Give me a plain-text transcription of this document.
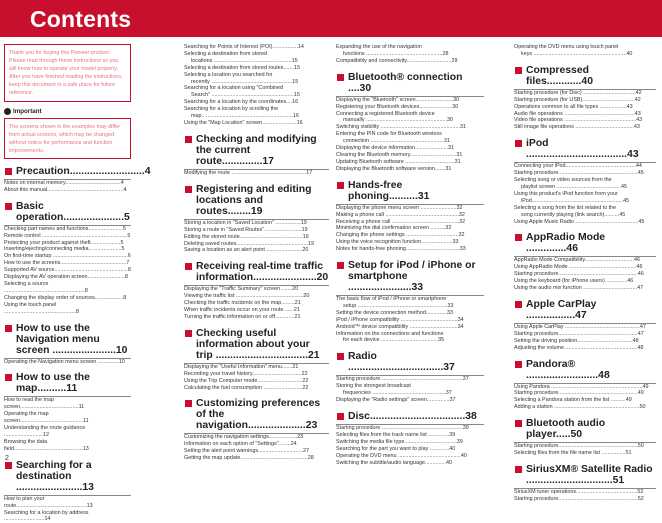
Contents
Thank you for buying this Pioneer product. Please read through these instructions so you will know how to operate your model properly. After you have finished reading the instructions, keep this document in a safe place for future reference.
Important
The screens shown in the examples may differ from actual screens, which may be changed without notice for performance and function improvements.
Precaution..........................4
Notes on internal memory.....................................4
About this manual...................................................4
Basic operation.....................5
Checking part names and functions.......................5
Remote control .........................................................5
Protecting your product against theft....................5
Inserting/ejecting/connecting media......................5
On first-time startup ..................................................6
How to use the screens............................................7
Supported AV source.................................................8
Displaying the AV operation screen.........................8
Selecting a source ......................................................8
Changing the display order of sources...................8
Using the touch panel ................................................8
How to use the Navigation menu screen ......................10
Operating the Navigation menu screen ..............10
How to use the map..........11
How to read the map screen.......................................11
Operating the map screen..........................................11
Understanding the route guidance ..........................12
Browsing the data field..............................................13
Searching for a destination .......................13
How to plan your route...............................................13
Searching for a location by address ...........................14
Searching for Points of Interest (POI).................14
Selecting a destination from stored
locations ....................................................15
Selecting a destination from stored routes.......15
Selecting a location you searched for
recently ......................................................15
Searching for a location using "Combined
Search" .......................................................15
Searching for a location by the coordinates....16
Searching for a location by scrolling the
map.............................................................16
Using the "Map Location" screen.......................16
Checking and modifying the current route..............17
Modifying the route ..................................................17
Registering and editing locations and routes........19
Storing a location in "Saved Location" .................19
Storing a route in "Saved Routes".........................19
Editing the stored route..........................................19
Deleting saved routes................................................19
Saving a location as an alert point ........................20
Receiving real-time traffic information......................20
Displaying the "Traffic Summary" screen .......20
Viewing the traffic list .............................................20
Checking the traffic incidents on the map.........21
When traffic incidents occur on your route ......21
Turning the traffic information on or off.............21
Checking useful information about your trip ................................21
Displaying the "Useful Information" menu.......21
Recording your travel history.................................22
Using the Trip Computer mode..............................22
Calculating the fuel consumption ..........................22
Customizing preferences of the navigation....................23
Customizing the navigation settings...................23
Information on each option of "Settings"........24
Setting the alert point warnings..............................27
Getting the map update.............................................28
Expanding the use of the navigation
functions ...................................................28
Compatibility and connectivity..............................29
Bluetooth® connection ....30
Displaying the "Bluetooth" screen.........................30
Registering your Bluetooth devices......................30
Connecting a registered Bluetooth device
manually ......................................................30
Switching visibility .....................................................31
Entering the PIN code for Bluetooth wireless
connection .................................................31
Displaying the device information......................31
Clearing the Bluetooth memory...............................31
Updating Bluetooth software .................................31
Displaying the Bluetooth software version.......31
Hands-free phoning..........31
Displaying the phone menu screen ........................32
Making a phone call .................................................32
Receiving a phone call .............................................32
Minimizing the dial confirmation screen ..........32
Changing the phone settings ...................................32
Using the voice recognition function.....................33
Notes for hands-free phoning....................................33
Setup for iPod / iPhone or smartphone ......................33
The basic flow of iPod / iPhone or smartphone
setup ............................................................33
Setting the device connection method..............33
iPod / iPhone compatibility ......................................34
Android™ device compatibility ................................34
Information on the connections and functions
for each device ......................................35
Radio .................................37
Starting procedure ......................................................37
Storing the strongest broadcast
frequencies .................................................37
Displaying the "Radio settings" screen...............37
Disc.................................38
Starting procedure ......................................................39
Selecting files from the track name list ..............39
Switching the media file type...................................39
Searching for the part you want to play .............40
Operating the DVD menu ..........................................40
Switching the subtitle/audio language..............40
Operating the DVD menu using touch panel
keys ..............................................................40
Compressed files............40
Starting procedure (for Disc) ...................................42
Starting procedure (for USB)...................................42
Operations common to all file types ..................43
Audio file operations ...............................................43
Video file operations ................................................43
Still image file operations .......................................43
iPod ...................................43
Connecting your iPod...............................................44
Starting procedure.....................................................45
Selecting song or video sources from the
playlist screen ...........................................45
Using this product's iPod function from your
iPod.............................................................45
Selecting a song from the list related to the
song currently playing (link search)..........45
Using Apple Music Radio ..........................................45
AppRadio Mode ..............46
AppRadio Mode Compatibility.................................46
Using AppRadio Mode .............................................46
Starting procedure.....................................................46
Using the keyboard (for iPhone users) ..............46
Using the audio mix function ....................................47
Apple CarPlay .................47
Using Apple CarPlay ..................................................47
Starting procedure.....................................................47
Setting the driving position.....................................48
Adjusting the volume.................................................48
Pandora® .........................48
Using Pandora .............................................................49
Starting procedure.....................................................49
Selecting a Pandora station from the list ..........49
Adding a station .........................................................50
Bluetooth audio player.....50
Starting procedure.....................................................50
Selecting files from the file name list ................51
SiriusXM® Satellite Radio ..............................51
SiriusXM tuner operations.........................................52
Starting procedure.....................................................52
2
